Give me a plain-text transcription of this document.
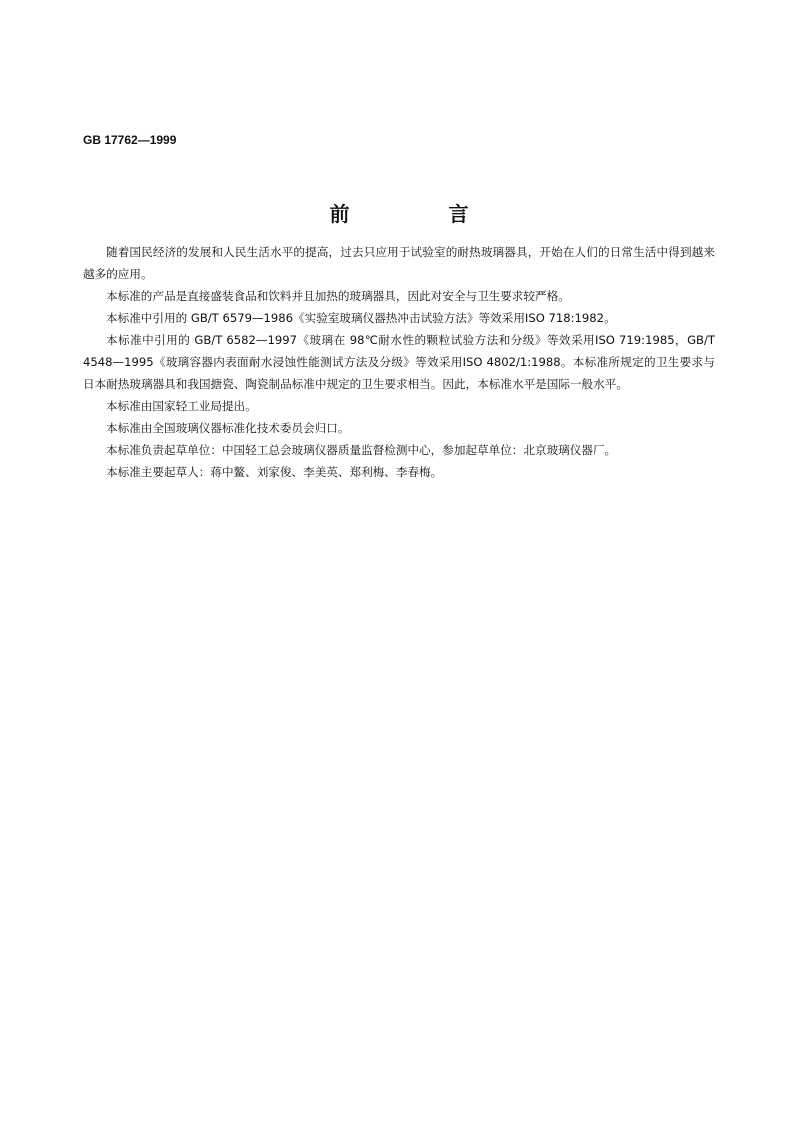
GB 17762—1999
前 言

随着国民经济的发展和人民生活水平的提高，过去只应用于试验室的耐热玻璃器具，开始在人们的日常生活中得到越来越多的应用。

本标准的产品是直接盛装食品和饮料并且加热的玻璃器具，因此对安全与卫生要求较严格。

本标准中引用的 GB/T 6579—1986《实验室玻璃仪器热冲击试验方法》等效采用ISO 718:1982。

本标准中引用的 GB/T 6582—1997《玻璃在 98℃耐水性的颗粒试验方法和分级》等效采用ISO 719:1985，GB/T 4548—1995《玻璃容器内表面耐水浸蚀性能测试方法及分级》等效采用ISO 4802/1:1988。本标准所规定的卫生要求与日本耐热玻璃器具和我国搪瓷、陶瓷制品标准中规定的卫生要求相当。因此，本标准水平是国际一般水平。

本标准由国家轻工业局提出。

本标准由全国玻璃仪器标准化技术委员会归口。

本标准负责起草单位：中国轻工总会玻璃仪器质量监督检测中心，参加起草单位：北京玻璃仪器厂。

本标准主要起草人：蒋中鳌、刘家俊、李美英、郑利梅、李春梅。
